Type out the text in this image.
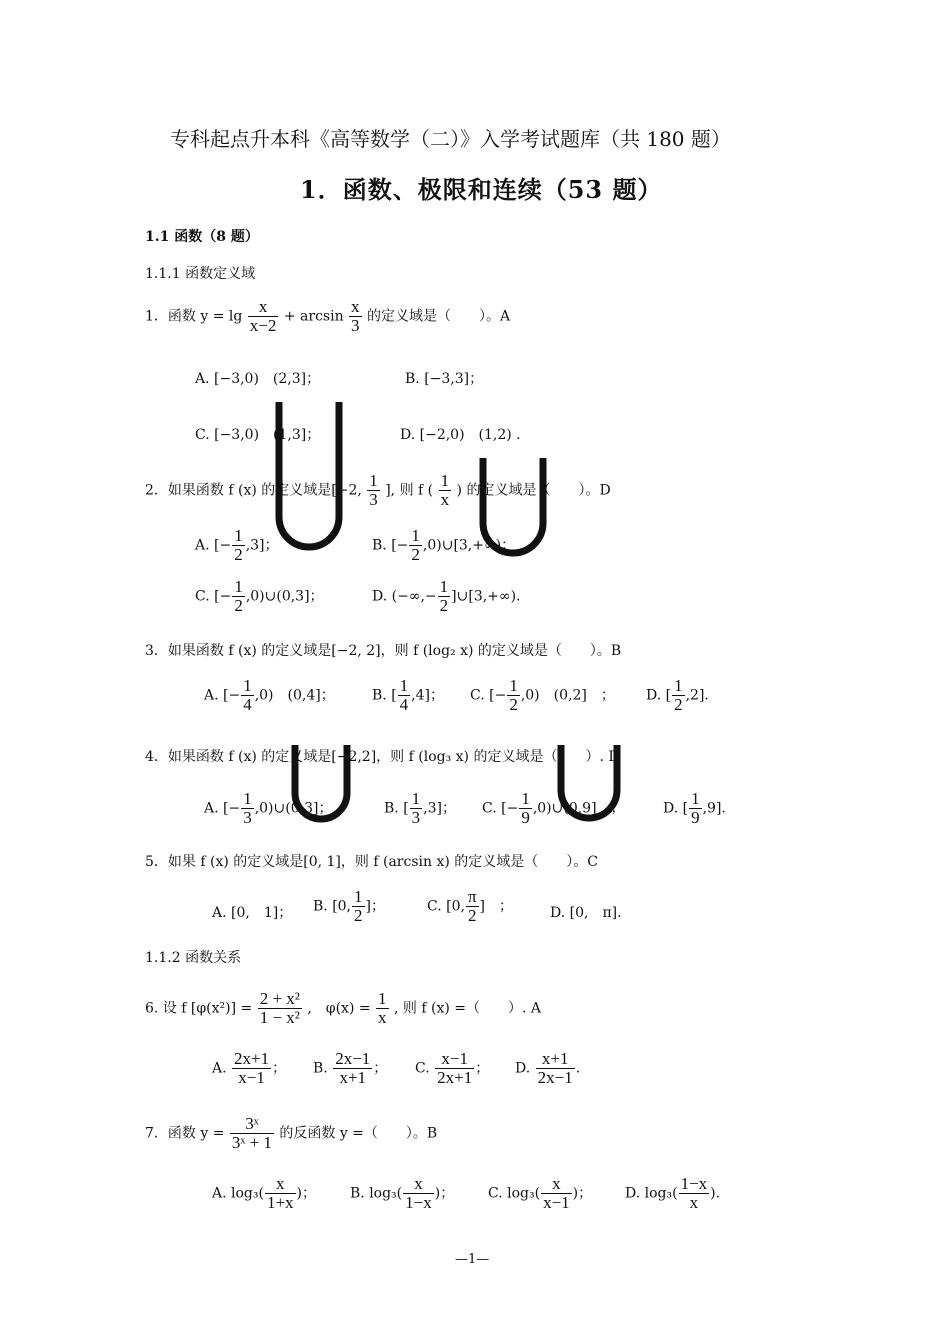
专科起点升本科《高等数学（二）》入学考试题库（共 180 题）
1．函数、极限和连续（53 题）
1.1 函数（8 题）
1.1.1 函数定义域
1．函数 $y = \lg \frac{x}{x-2} + \arcsin \frac{x}{3}$ 的定义域是（　　）。A
A. [−3,0)　(2,3]；	B. [−3,3]；
C. [−3,0)　(1,3]；	D. [−2,0)　(1,2) .
2．如果函数 f (x) 的定义域是[−2, $\frac{1}{3}$ ], 则 f ( $\frac{1}{x}$ ) 的定义域是（　　）。D
A. [− $\frac{1}{2} ,3$]；	B. [− $\frac{1}{2}$ ,0)∪[3,+∞)；
C. [− $\frac{1}{2}$ ,0)∪(0,3]；	D. (−∞,− $\frac{1}{2}$ ]∪[3,+∞).
3．如果函数 f (x) 的定义域是[−2, 2]，则 f (log₂ x) 的定义域是（　　）。B
A. [− $\frac{1}{4} ,0$)　(0,4]；	B. [ $\frac{1}{4} ,4$]； C. [− $\frac{1}{2} ,0$)　(0,2]　； D. [ $\frac{1}{2} ,2$].
4．如果函数 f (x) 的定义域是[−2,2]，则 f (log₃ x) 的定义域是（　　）. D
A. [− $\frac{1}{3}$ ,0)∪(0,3]；	B. [ $\frac{1}{3} ,3$]； C. [− $\frac{1}{9}$ ,0)∪(0,9]　；	D. [ $\frac{1}{9} ,9$].
5．如果 f (x) 的定义域是[0, 1]，则 f (arcsin x) 的定义域是（　　）。C
A. [0,　1]； B. [0, $\frac{1}{2}$ ]；	C. [0, $\frac{\pi}{2}$ ]　；	D. [0,　π].
1.1.2 函数关系
6. 设 f $[\varphi(x^2)] = \frac{\text{2 + x²}}{\text{1 − x²}}$ ,　$\varphi(x) = \frac{1}{x}$ , 则 f (x) =（　　）. A
A. $\frac{2x+1}{x-1}$ ； B. $\frac{2x-1}{x+1}$ ； C. $\frac{x-1}{2x+1}$ ； D. $\frac{x+1}{2x-1}$ .
7．函数 $y = \frac{\text{3ˣ}}{\text{3ˣ + 1}}$ 的反函数 y =（　　）。B
A. $\log_3( \frac{x}{1+x}$ )； B. $\log_3( \frac{x}{1-x}$ )； C. $\log_3( \frac{x}{x-1}$ )； D. $\log_3( \frac{1-x}{x}$ ).
—1—
